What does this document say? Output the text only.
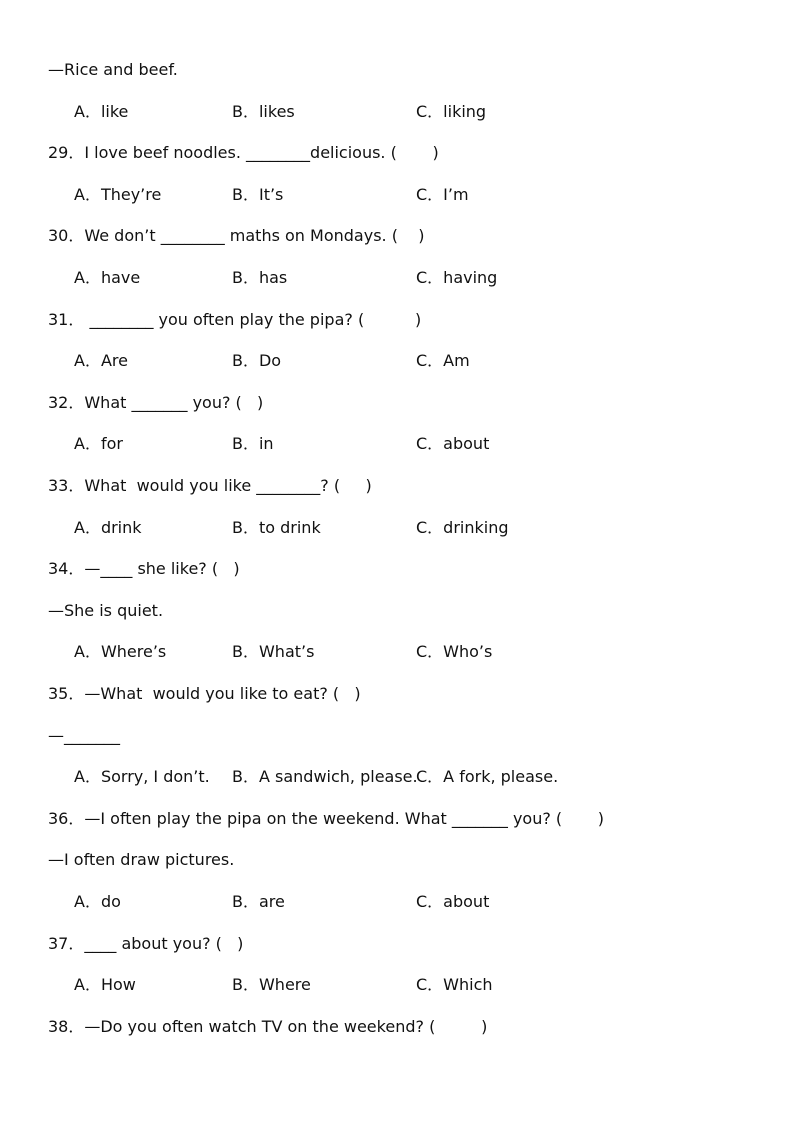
—Rice and beef.
A．like	B．likes	C．liking
29．I love beef noodles. ________delicious. (       )
A．They’re	B．It’s	C．I’m
30．We don’t ________ maths on Mondays. (    )
A．have	B．has	C．having
31． ________ you often play the pipa? (          )
A．Are	B．Do	C．Am
32．What _______ you? (   )
A．for	B．in	C．about
33．What  would you like ________? (     )
A．drink	B．to drink	C．drinking
34．—____ she like? (   )
—She is quiet.
A．Where’s	B．What’s	C．Who’s
35．—What  would you like to eat? (   )
—_______
A．Sorry, I don’t. B．A sandwich, please.
C．A fork, please.
36．—I often play the pipa on the weekend. What _______ you? (       )
—I often draw pictures.
A．do	B．are	C．about
37．____ about you? (   )
A．How	B．Where	C．Which
38．—Do you often watch TV on the weekend? (         )
